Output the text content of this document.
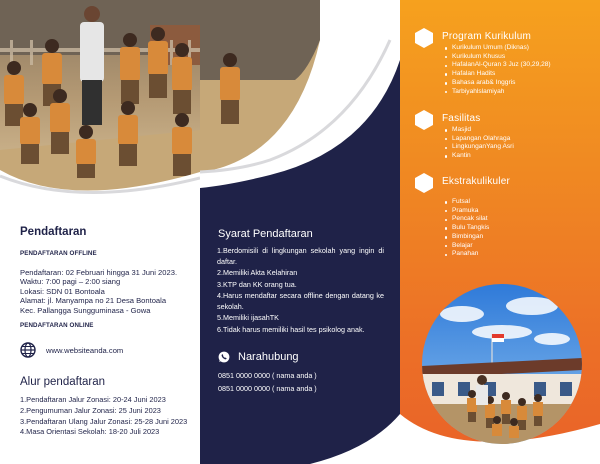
Pendaftaran
PENDAFTARAN OFFLINE
Pendaftaran: 02 Februari hingga 31 Juni 2023.
Waktu: 7:00 pagi – 2:00 siang
Lokasi: SDN 01 Bontoala
Alamat: jl. Manyampa no 21 Desa Bontoala
Kec. Pallangga Sungguminasa - Gowa
PENDAFTARAN ONLINE
www.websiteanda.com
Alur pendaftaran
1.Pendaftaran Jalur Zonasi: 20-24 Juni 2023
2.Pengumuman Jalur Zonasi: 25 Juni 2023
3.Pendaftaran Ulang Jalur Zonasi: 25-28 Juni 2023
4.Masa Orientasi Sekolah: 18-20 Juli 2023
Syarat Pendaftaran
1.Berdomisili di lingkungan sekolah yang ingin di daftar.
2.Memiliki Akta Kelahiran
3.KTP dan KK orang tua.
4.Harus mendaftar secara offline dengan datang ke sekolah.
5.Memiliki ijasahTK
6.Tidak harus memiliki hasil tes psikolog anak.
Narahubung
0851 0000 0000 ( nama anda )
0851 0000 0000 ( nama anda )
Program Kurikulum
Kurikulum Umum (Diknas)
Kurikulum Khusus
HafalanAl-Quran 3 Juz (30,29,28)
Hafalan Hadits
Bahasa arab& Inggris
Tarbiyahlslamiyah
Fasilitas
Masjid
Lapangan Olahraga
LingkunganYang Asri
Kantin
Ekstrakulikuler
Futsal
Pramuka
Pencak silat
Bulu Tangkis
Bimbingan
Belajar
Panahan
